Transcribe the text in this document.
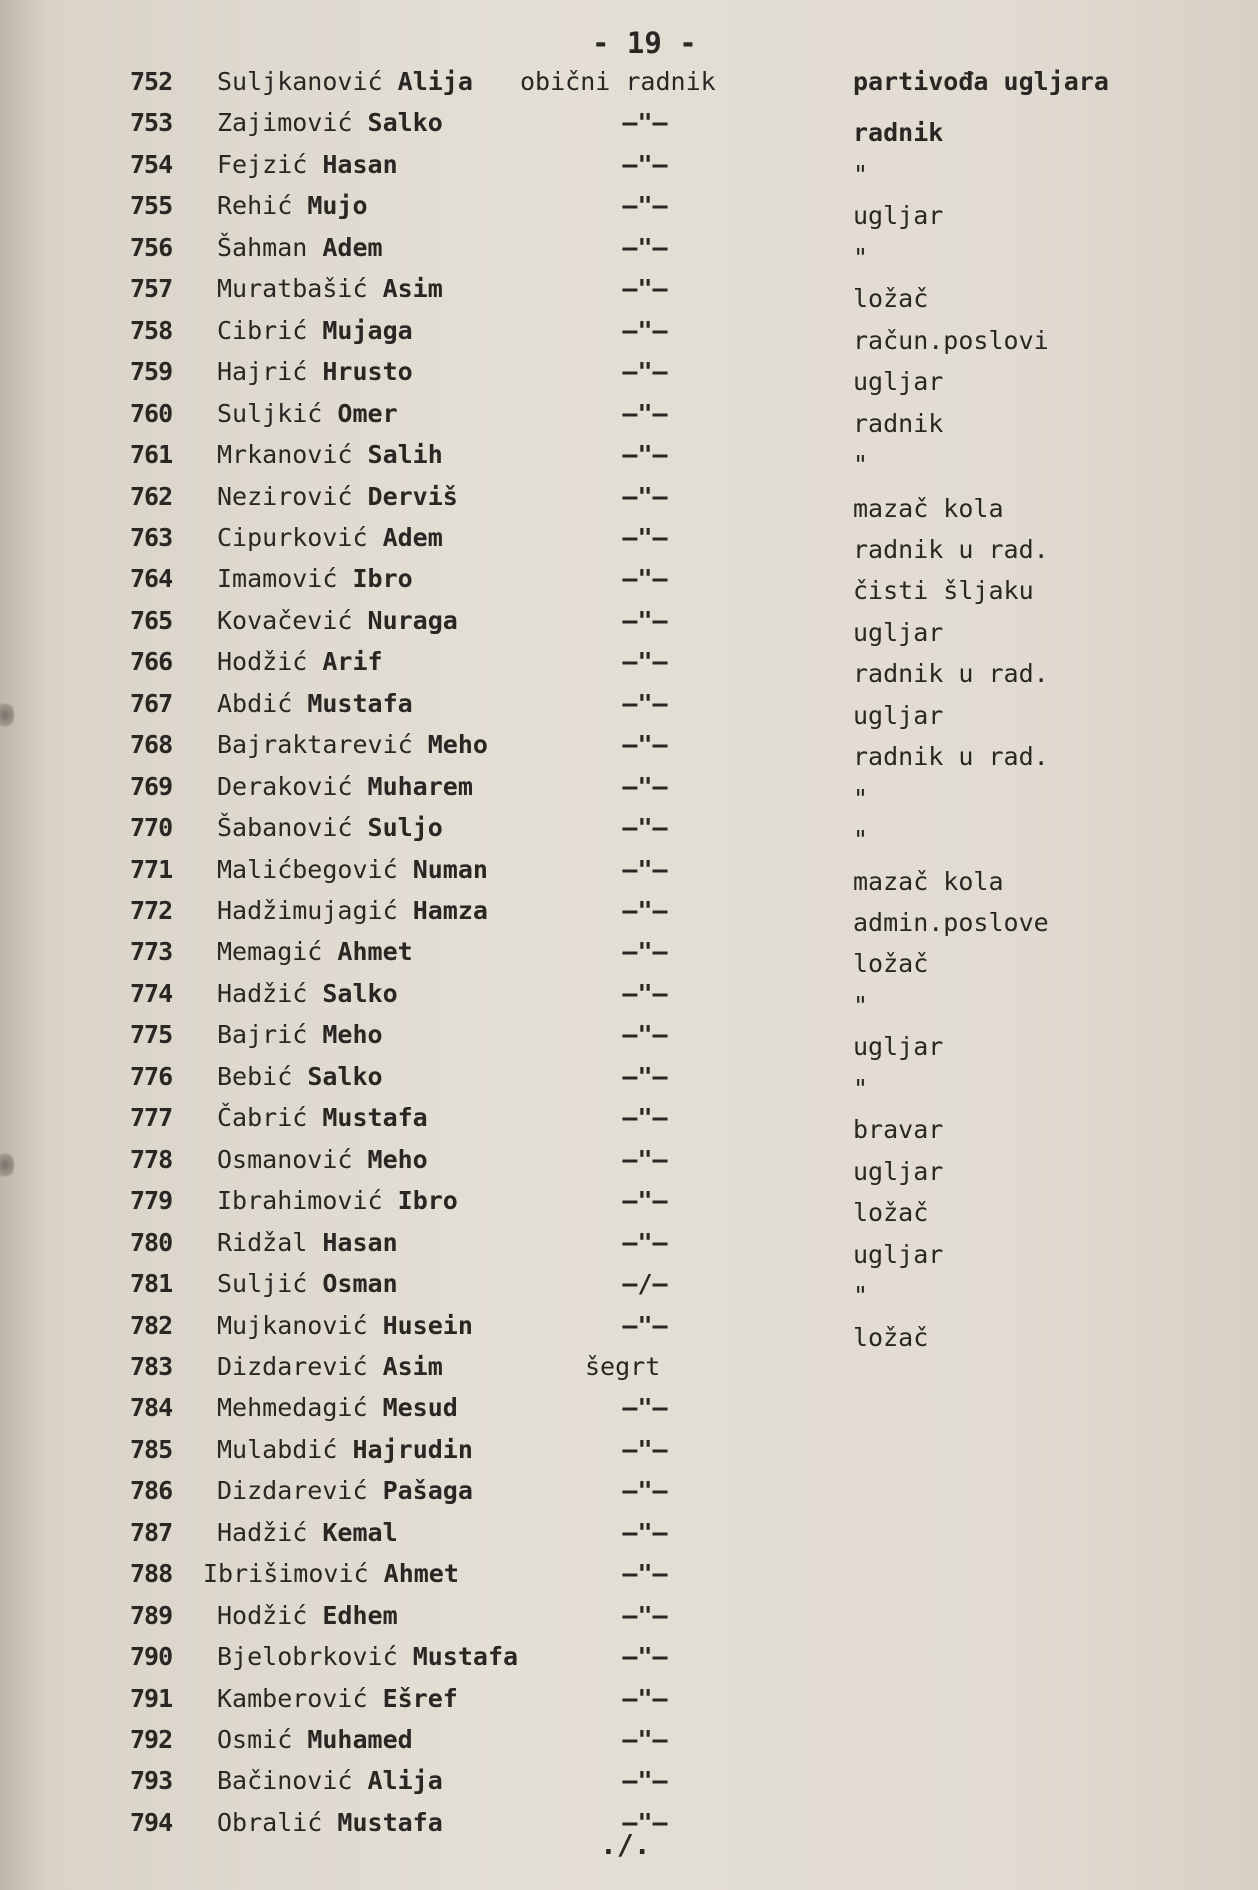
- 19 -
752	Suljkanović Alija obični radnik	partivođa ugljara
753	Zajimović Salko	–"–	radnik
754	Fejzić Hasan	–"–	"
755	Rehić Mujo	–"–	ugljar
756	Šahman Adem	–"–	"
757	Muratbašić Asim	–"–	ložač
758	Cibrić Mujaga	–"–	račun.poslovi
759	Hajrić Hrusto	–"–	ugljar
760	Suljkić Omer	–"–	radnik
761	Mrkanović Salih	–"–	"
762	Nezirović Derviš	–"–	mazač kola
763	Cipurković Adem	–"–	radnik u rad.
764	Imamović Ibro	–"–	čisti šljaku
765	Kovačević Nuraga	–"–	ugljar
766	Hodžić Arif	–"–	radnik u rad.
767	Abdić Mustafa	–"–	ugljar
768	Bajraktarević Meho	–"–	radnik u rad.
769	Deraković Muharem	–"–	"
770	Šabanović Suljo	–"–	"
771	Malićbegović Numan	–"–	mazač kola
772	Hadžimujagić Hamza	–"–	admin.poslove
773	Memagić Ahmet	–"–	ložač
774	Hadžić Salko	–"–	"
775	Bajrić Meho	–"–	ugljar
776	Bebić Salko	–"–	"
777	Čabrić Mustafa	–"–	bravar
778	Osmanović Meho	–"–	ugljar
779	Ibrahimović Ibro	–"–	ložač
780	Ridžal Hasan	–"–	ugljar
781	Suljić Osman	–/–	"
782	Mujkanović Husein	–"–	ložač
783	Dizdarević Asim	šegrt
784	Mehmedagić Mesud	–"–
785	Mulabdić Hajrudin	–"–
786	Dizdarević Pašaga	–"–
787	Hadžić Kemal	–"–
788	Ibrišimović Ahmet	–"–
789	Hodžić Edhem	–"–
790	Bjelobrković Mustafa	–"–
791	Kamberović Ešref	–"–
792	Osmić Muhamed	–"–
793	Bačinović Alija	–"–
794	Obralić Mustafa	–"–
./.
